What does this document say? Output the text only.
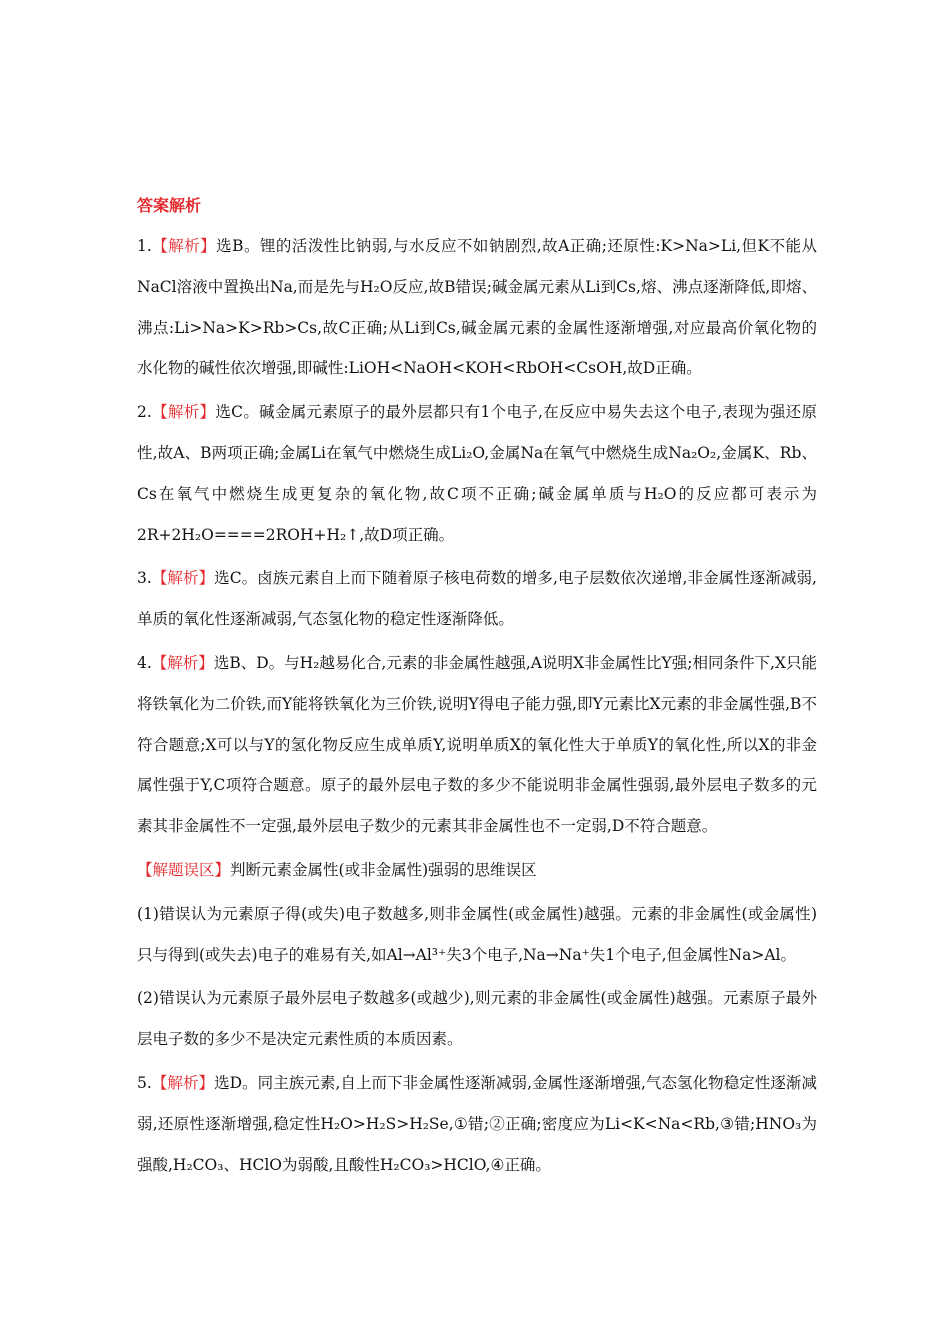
答案解析

1.【解析】选B。锂的活泼性比钠弱,与水反应不如钠剧烈,故A正确;还原性:K>Na>Li,但K不能从NaCl溶液中置换出Na,而是先与H₂O反应,故B错误;碱金属元素从Li到Cs,熔、沸点逐渐降低,即熔、沸点:Li>Na>K>Rb>Cs,故C正确;从Li到Cs,碱金属元素的金属性逐渐增强,对应最高价氧化物的水化物的碱性依次增强,即碱性:LiOH<NaOH<KOH<RbOH<CsOH,故D正确。

2.【解析】选C。碱金属元素原子的最外层都只有1个电子,在反应中易失去这个电子,表现为强还原性,故A、B两项正确;金属Li在氧气中燃烧生成Li₂O,金属Na在氧气中燃烧生成Na₂O₂,金属K、Rb、Cs在氧气中燃烧生成更复杂的氧化物,故C项不正确;碱金属单质与H₂O的反应都可表示为2R+2H₂O====2ROH+H₂↑,故D项正确。

3.【解析】选C。卤族元素自上而下随着原子核电荷数的增多,电子层数依次递增,非金属性逐渐减弱,单质的氧化性逐渐减弱,气态氢化物的稳定性逐渐降低。

4.【解析】选B、D。与H₂越易化合,元素的非金属性越强,A说明X非金属性比Y强;相同条件下,X只能将铁氧化为二价铁,而Y能将铁氧化为三价铁,说明Y得电子能力强,即Y元素比X元素的非金属性强,B不符合题意;X可以与Y的氢化物反应生成单质Y,说明单质X的氧化性大于单质Y的氧化性,所以X的非金属性强于Y,C项符合题意。原子的最外层电子数的多少不能说明非金属性强弱,最外层电子数多的元素其非金属性不一定强,最外层电子数少的元素其非金属性也不一定弱,D不符合题意。

【解题误区】判断元素金属性(或非金属性)强弱的思维误区

(1)错误认为元素原子得(或失)电子数越多,则非金属性(或金属性)越强。元素的非金属性(或金属性)只与得到(或失去)电子的难易有关,如Al→Al³⁺失3个电子,Na→Na⁺失1个电子,但金属性Na>Al。

(2)错误认为元素原子最外层电子数越多(或越少),则元素的非金属性(或金属性)越强。元素原子最外层电子数的多少不是决定元素性质的本质因素。

5.【解析】选D。同主族元素,自上而下非金属性逐渐减弱,金属性逐渐增强,气态氢化物稳定性逐渐减弱,还原性逐渐增强,稳定性H₂O>H₂S>H₂Se,①错;②正确;密度应为Li<K<Na<Rb,③错;HNO₃为强酸,H₂CO₃、HClO为弱酸,且酸性H₂CO₃>HClO,④正确。
